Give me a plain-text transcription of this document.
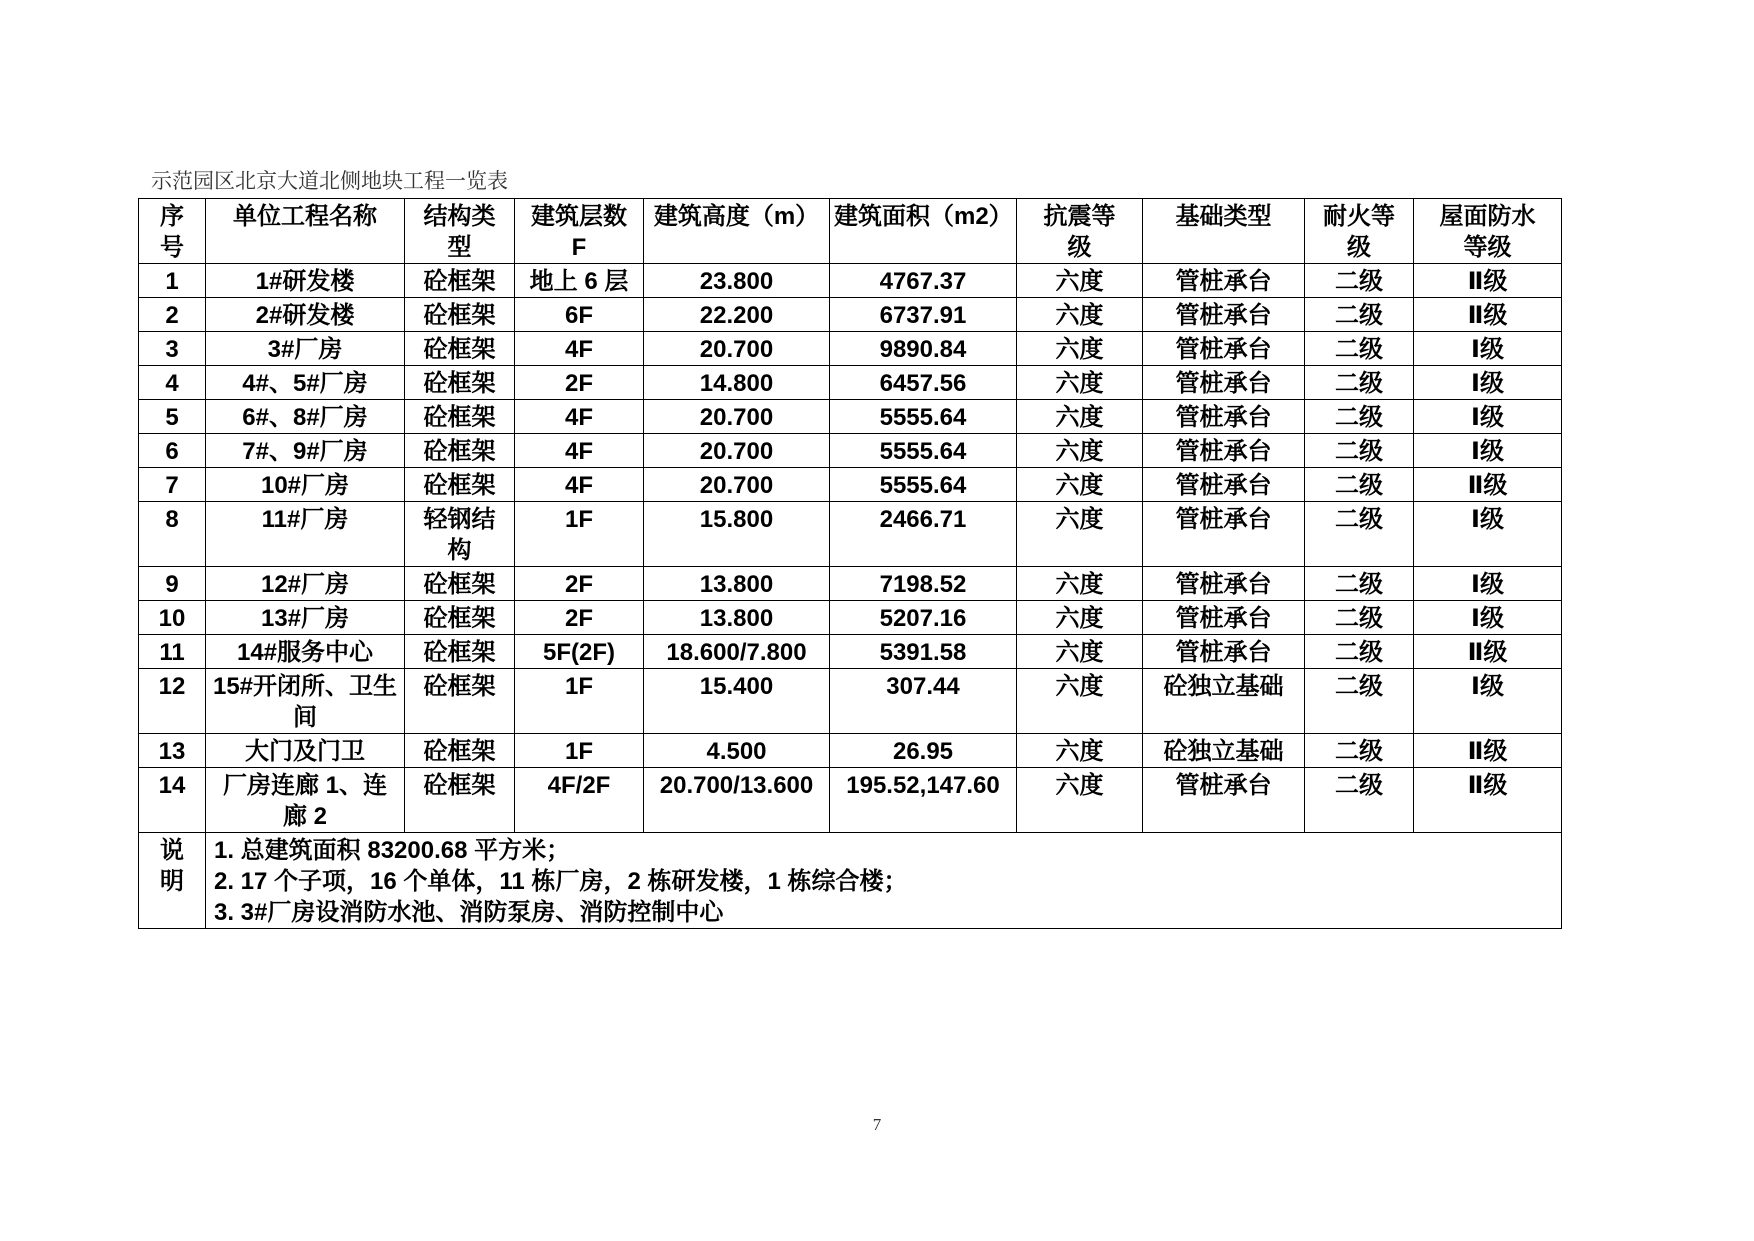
示范园区北京大道北侧地块工程一览表
序号	单位工程名称	结构类型	建筑层数F	建筑高度（m）	建筑面积（m2）	抗震等级	基础类型	耐火等级	屋面防水等级
1	1#研发楼	砼框架	地上 6 层	23.800	4767.37	六度	管桩承台	二级	Ⅱ级
2	2#研发楼	砼框架	6F	22.200	6737.91	六度	管桩承台	二级	Ⅱ级
3	3#厂房	砼框架	4F	20.700	9890.84	六度	管桩承台	二级	Ⅰ级
4	4#、5#厂房	砼框架	2F	14.800	6457.56	六度	管桩承台	二级	Ⅰ级
5	6#、8#厂房	砼框架	4F	20.700	5555.64	六度	管桩承台	二级	Ⅰ级
6	7#、9#厂房	砼框架	4F	20.700	5555.64	六度	管桩承台	二级	Ⅰ级
7	10#厂房	砼框架	4F	20.700	5555.64	六度	管桩承台	二级	Ⅱ级
8	11#厂房	轻钢结构	1F	15.800	2466.71	六度	管桩承台	二级	Ⅰ级
9	12#厂房	砼框架	2F	13.800	7198.52	六度	管桩承台	二级	Ⅰ级
10	13#厂房	砼框架	2F	13.800	5207.16	六度	管桩承台	二级	Ⅰ级
11	14#服务中心	砼框架	5F(2F)	18.600/7.800	5391.58	六度	管桩承台	二级	Ⅱ级
12	15#开闭所、卫生间	砼框架	1F	15.400	307.44	六度	砼独立基础	二级	Ⅰ级
13	大门及门卫	砼框架	1F	4.500	26.95	六度	砼独立基础	二级	Ⅱ级
14	厂房连廊 1、连廊 2	砼框架	4F/2F	20.700/13.600	195.52,147.60	六度	管桩承台	二级	Ⅱ级
说明	1. 总建筑面积 83200.68 平方米；
2. 17 个子项，16 个单体，11 栋厂房，2 栋研发楼，1 栋综合楼；
3. 3#厂房设消防水池、消防泵房、消防控制中心								
7
